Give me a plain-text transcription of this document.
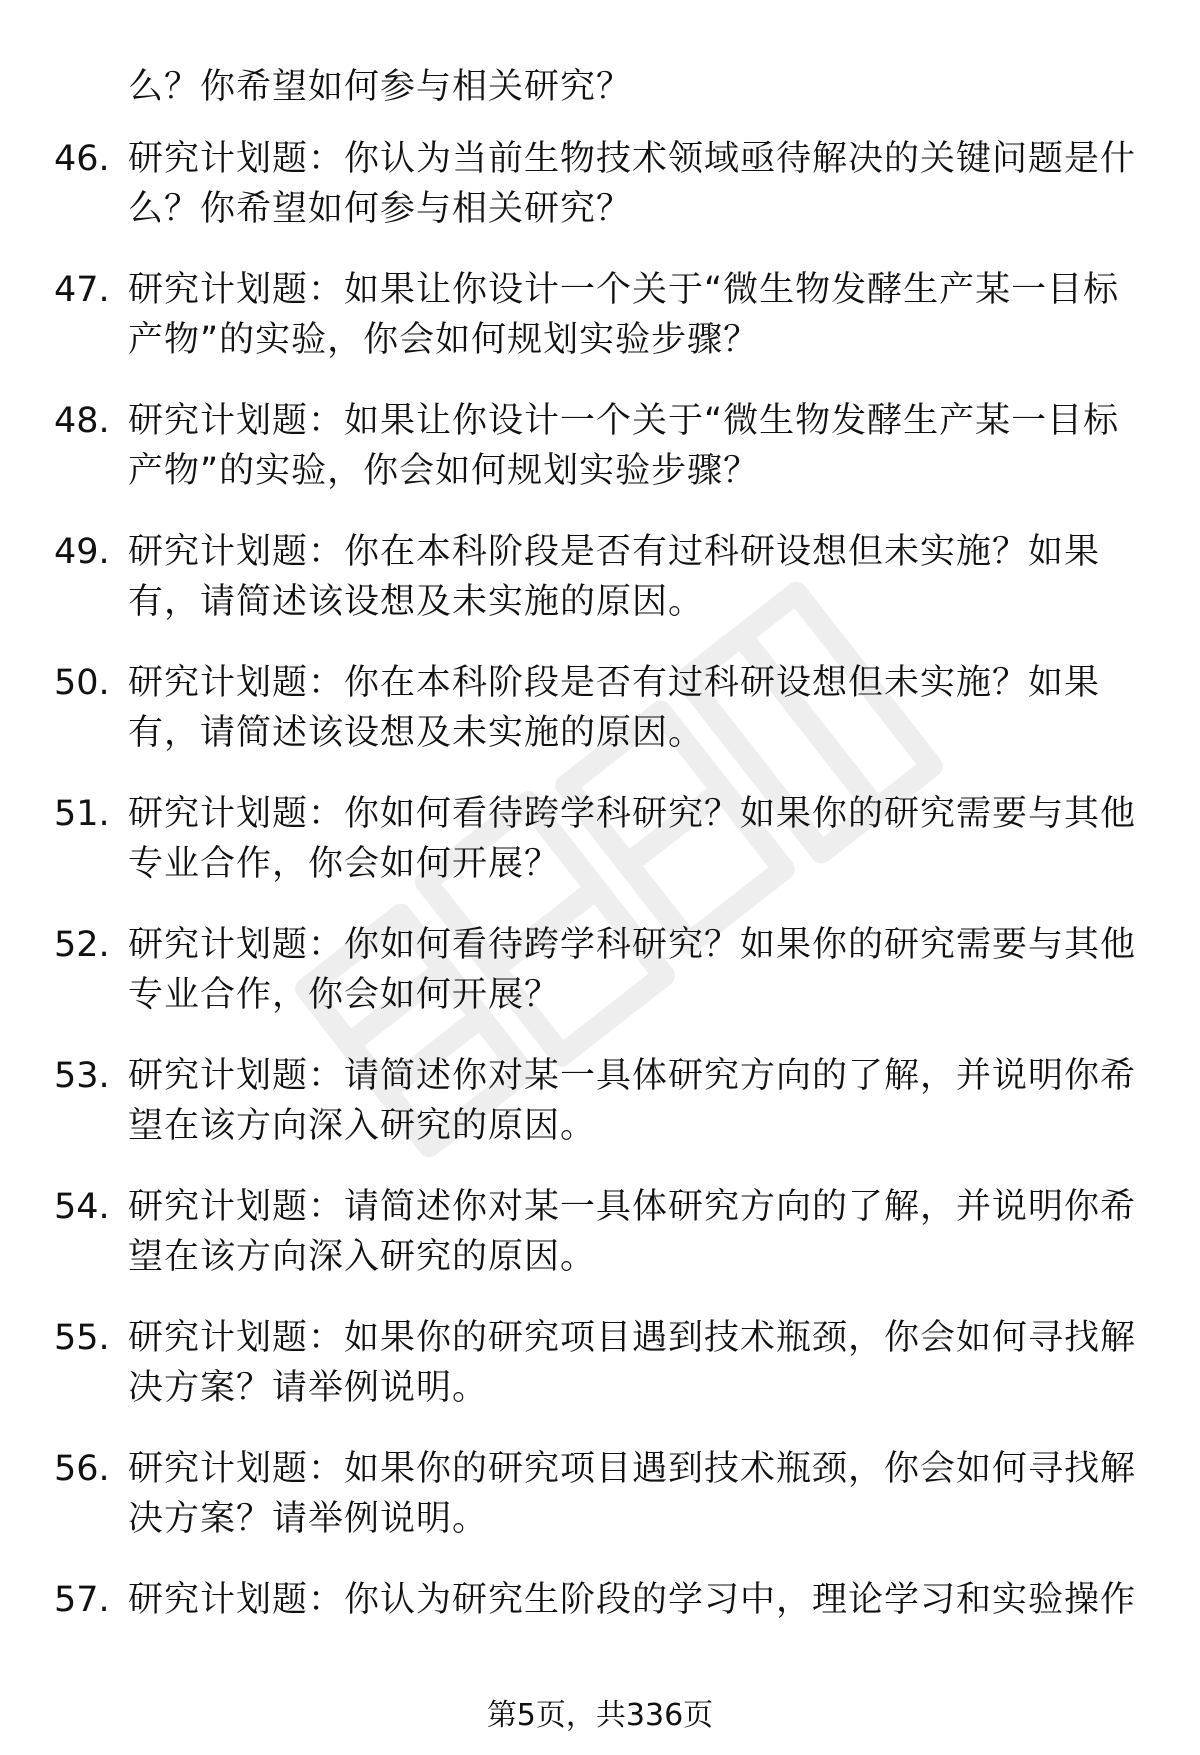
么？你希望如何参与相关研究？
46. 研究计划题：你认为当前生物技术领域亟待解决的关键问题是什么？你希望如何参与相关研究？
47. 研究计划题：如果让你设计一个关于“微生物发酵生产某一目标产物”的实验，你会如何规划实验步骤？
48. 研究计划题：如果让你设计一个关于“微生物发酵生产某一目标产物”的实验，你会如何规划实验步骤？
49. 研究计划题：你在本科阶段是否有过科研设想但未实施？如果有，请简述该设想及未实施的原因。
50. 研究计划题：你在本科阶段是否有过科研设想但未实施？如果有，请简述该设想及未实施的原因。
51. 研究计划题：你如何看待跨学科研究？如果你的研究需要与其他专业合作，你会如何开展？
52. 研究计划题：你如何看待跨学科研究？如果你的研究需要与其他专业合作，你会如何开展？
53. 研究计划题：请简述你对某一具体研究方向的了解，并说明你希望在该方向深入研究的原因。
54. 研究计划题：请简述你对某一具体研究方向的了解，并说明你希望在该方向深入研究的原因。
55. 研究计划题：如果你的研究项目遇到技术瓶颈，你会如何寻找解决方案？请举例说明。
56. 研究计划题：如果你的研究项目遇到技术瓶颈，你会如何寻找解决方案？请举例说明。
57. 研究计划题：你认为研究生阶段的学习中，理论学习和实验操作
第5页，共336页
